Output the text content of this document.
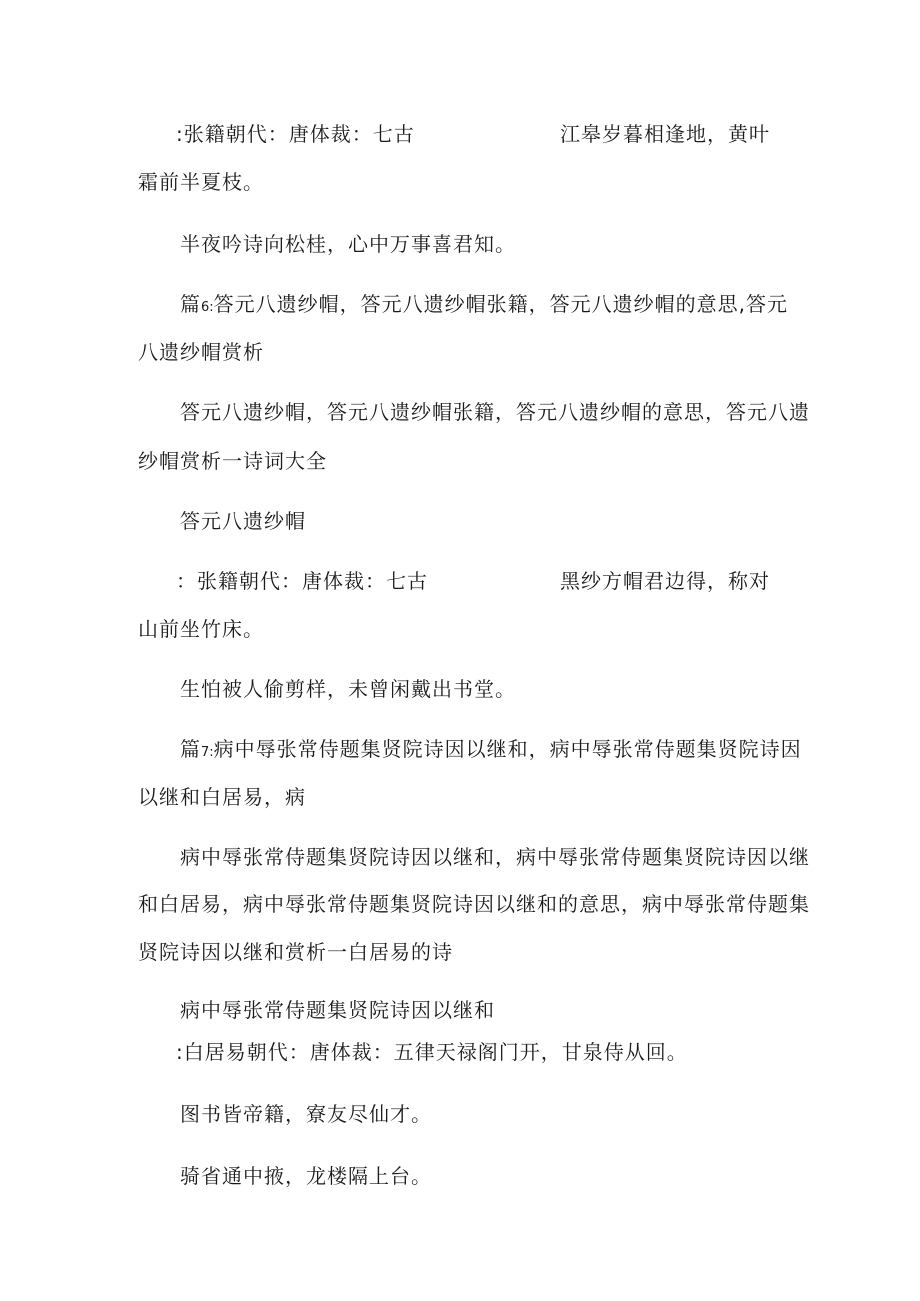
:张籍朝代：唐体裁：七古	江皋岁暮相逢地，黄叶
霜前半夏枝。
半夜吟诗向松桂，心中万事喜君知。
篇6:答元八遗纱帽，答元八遗纱帽张籍，答元八遗纱帽的意思,答元
八遗纱帽赏析
答元八遗纱帽，答元八遗纱帽张籍，答元八遗纱帽的意思，答元八遗
纱帽赏析一诗词大全
答元八遗纱帽
：张籍朝代：唐体裁：七古	黑纱方帽君边得，称对
山前坐竹床。
生怕被人偷剪样，未曾闲戴出书堂。
篇7:病中辱张常侍题集贤院诗因以继和，病中辱张常侍题集贤院诗因
以继和白居易，病
病中辱张常侍题集贤院诗因以继和，病中辱张常侍题集贤院诗因以继
和白居易，病中辱张常侍题集贤院诗因以继和的意思，病中辱张常侍题集
贤院诗因以继和赏析一白居易的诗
病中辱张常侍题集贤院诗因以继和
:白居易朝代：唐体裁：五律天禄阁门开，甘泉侍从回。
图书皆帝籍，寮友尽仙才。
骑省通中掖，龙楼隔上台。
